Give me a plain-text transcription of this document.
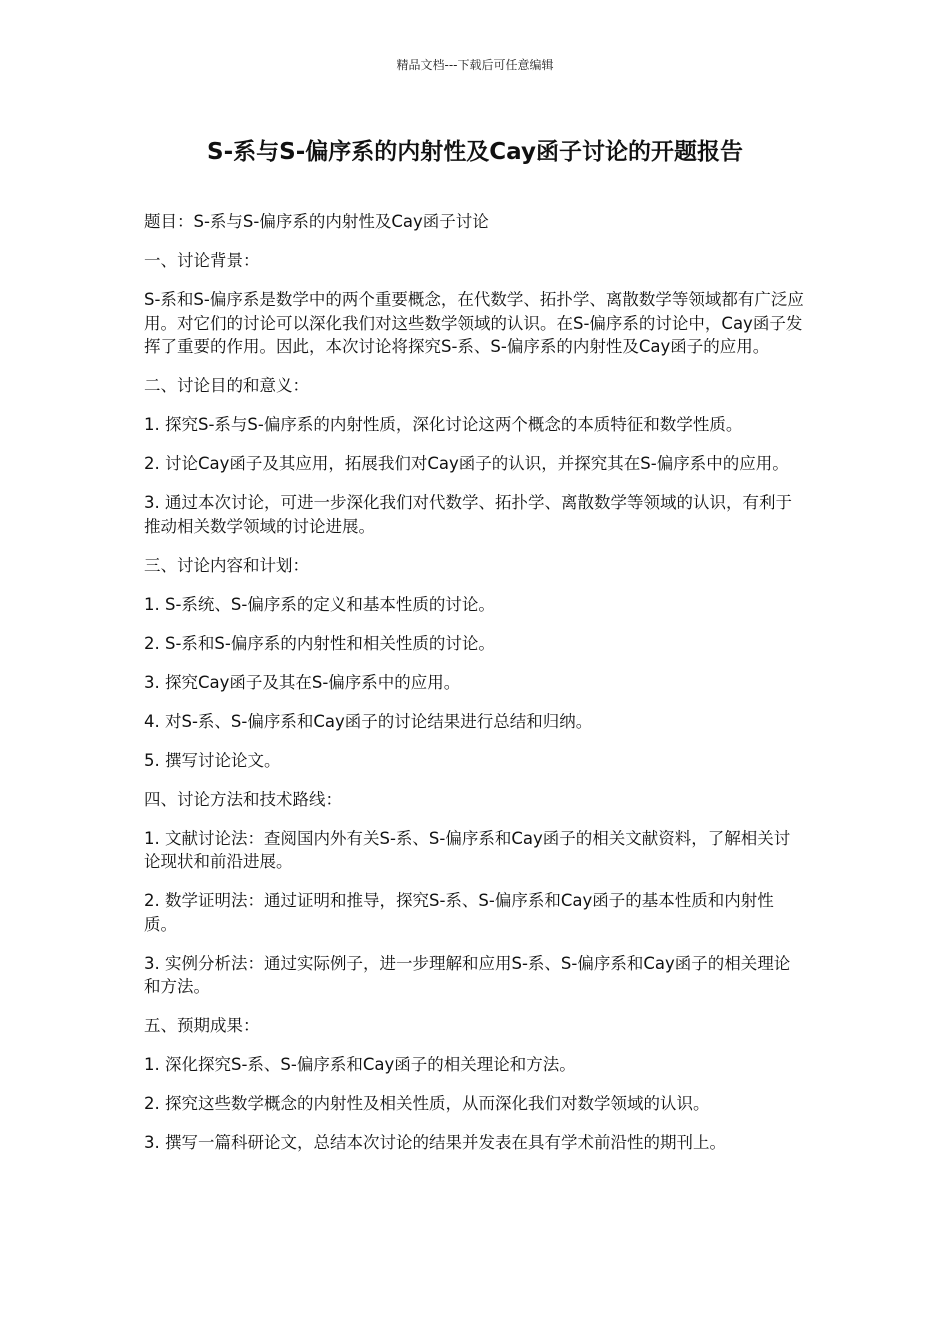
精品文档---下载后可任意编辑
S-系与S-偏序系的内射性及Cay函子讨论的开题报告

题目：S-系与S-偏序系的内射性及Cay函子讨论

一、讨论背景：

S-系和S-偏序系是数学中的两个重要概念，在代数学、拓扑学、离散数学等领域都有广泛应用。对它们的讨论可以深化我们对这些数学领域的认识。在S-偏序系的讨论中，Cay函子发挥了重要的作用。因此，本次讨论将探究S-系、S-偏序系的内射性及Cay函子的应用。

二、讨论目的和意义：

1. 探究S-系与S-偏序系的内射性质，深化讨论这两个概念的本质特征和数学性质。

2. 讨论Cay函子及其应用，拓展我们对Cay函子的认识，并探究其在S-偏序系中的应用。

3. 通过本次讨论，可进一步深化我们对代数学、拓扑学、离散数学等领域的认识，有利于推动相关数学领域的讨论进展。

三、讨论内容和计划：

1. S-系统、S-偏序系的定义和基本性质的讨论。

2. S-系和S-偏序系的内射性和相关性质的讨论。

3. 探究Cay函子及其在S-偏序系中的应用。

4. 对S-系、S-偏序系和Cay函子的讨论结果进行总结和归纳。

5. 撰写讨论论文。

四、讨论方法和技术路线：

1. 文献讨论法：查阅国内外有关S-系、S-偏序系和Cay函子的相关文献资料，了解相关讨论现状和前沿进展。

2. 数学证明法：通过证明和推导，探究S-系、S-偏序系和Cay函子的基本性质和内射性质。

3. 实例分析法：通过实际例子，进一步理解和应用S-系、S-偏序系和Cay函子的相关理论和方法。

五、预期成果：

1. 深化探究S-系、S-偏序系和Cay函子的相关理论和方法。

2. 探究这些数学概念的内射性及相关性质，从而深化我们对数学领域的认识。

3. 撰写一篇科研论文，总结本次讨论的结果并发表在具有学术前沿性的期刊上。
